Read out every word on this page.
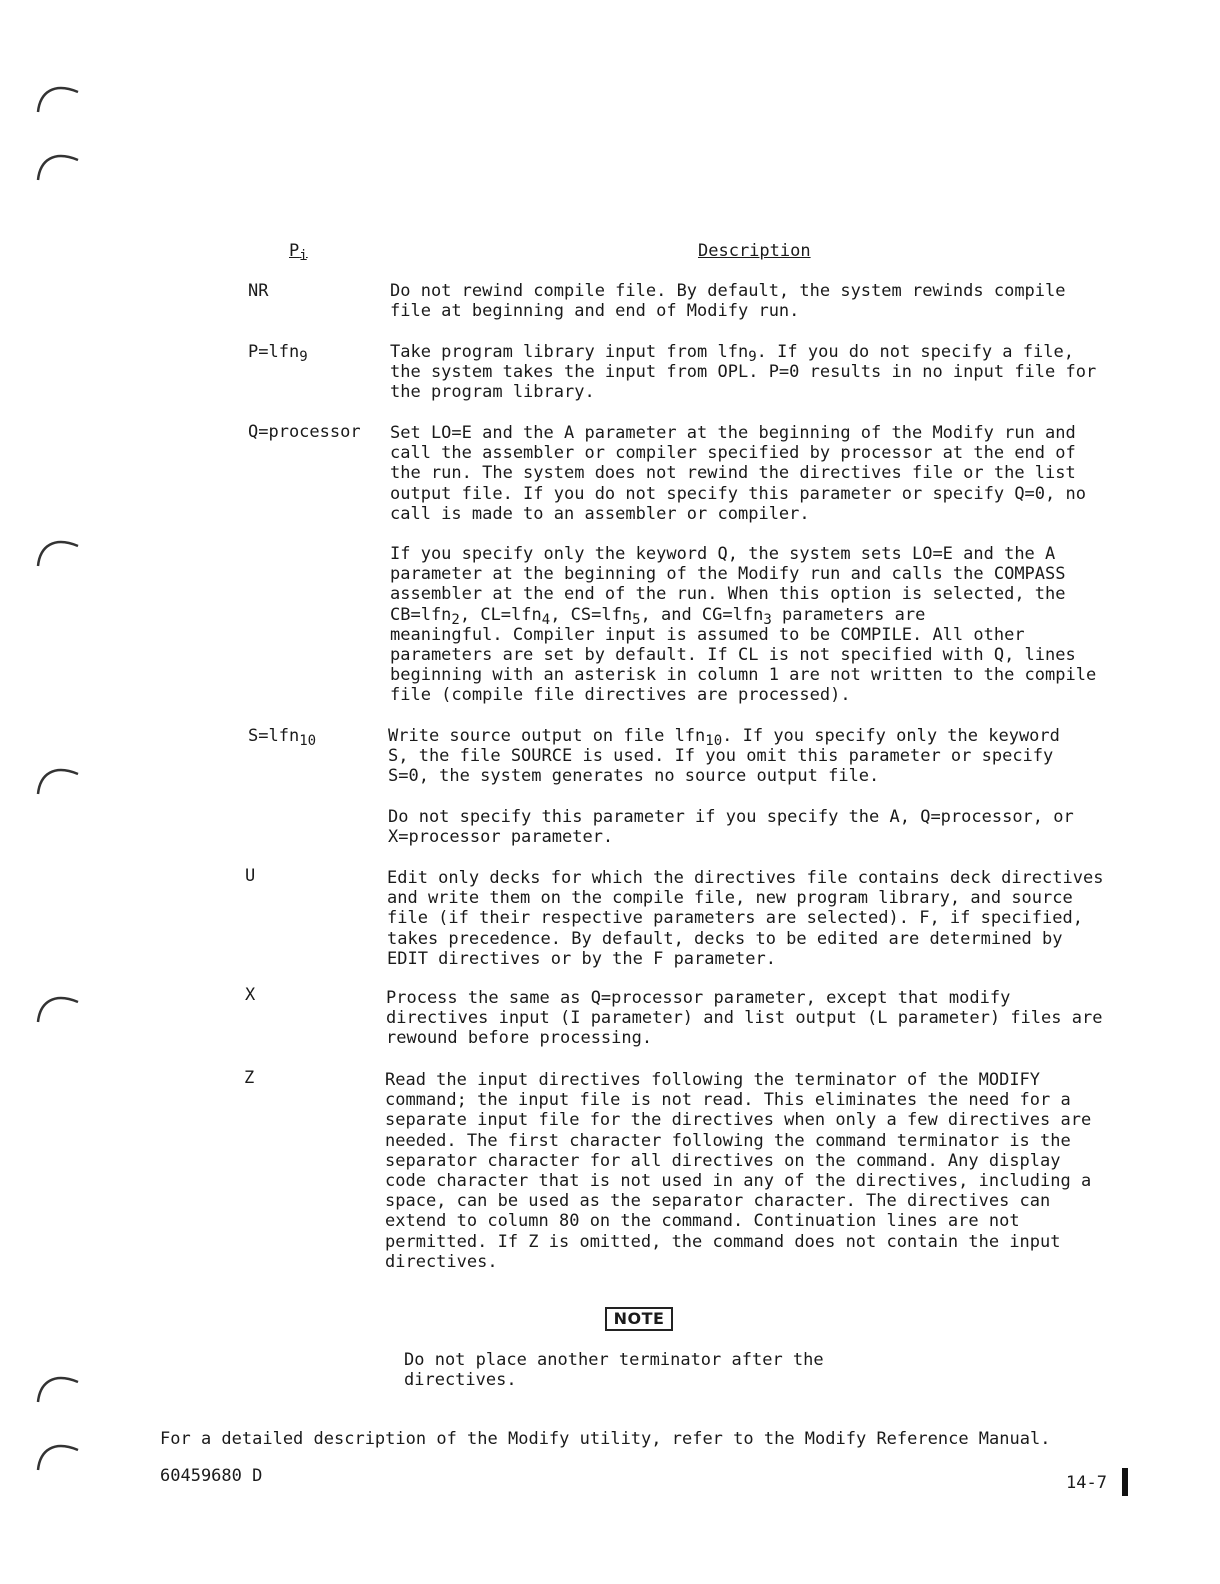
$P_i$	Description
NR	Do not rewind compile file. By default, the system rewinds compile
file at beginning and end of Modify run.
P=lfn$_9$	Take program library input from lfn$_9$. If you do not specify a file,
the system takes the input from OPL. P=0 results in no input file for
the program library.
Q=processor Set LO=E and the A parameter at the beginning of the Modify run and
call the assembler or compiler specified by processor at the end of
the run. The system does not rewind the directives file or the list
output file. If you do not specify this parameter or specify Q=0, no
call is made to an assembler or compiler.
If you specify only the keyword Q, the system sets LO=E and the A
parameter at the beginning of the Modify run and calls the COMPASS
assembler at the end of the run. When this option is selected, the
CB=lfn$_2$, CL=lfn$_4$, CS=lfn$_5$, and CG=lfn$_3$ parameters are
meaningful. Compiler input is assumed to be COMPILE. All other
parameters are set by default. If CL is not specified with Q, lines
beginning with an asterisk in column 1 are not written to the compile
file (compile file directives are processed).
S=lfn$_{10}$	Write source output on file lfn$_{10}$. If you specify only the keyword
S, the file SOURCE is used. If you omit this parameter or specify
S=0, the system generates no source output file.
Do not specify this parameter if you specify the A, Q=processor, or
X=processor parameter.
U	Edit only decks for which the directives file contains deck directives
and write them on the compile file, new program library, and source
file (if their respective parameters are selected). F, if specified,
takes precedence. By default, decks to be edited are determined by
EDIT directives or by the F parameter.
X	Process the same as Q=processor parameter, except that modify
directives input (I parameter) and list output (L parameter) files are
rewound before processing.
Z	Read the input directives following the terminator of the MODIFY
command; the input file is not read. This eliminates the need for a
separate input file for the directives when only a few directives are
needed. The first character following the command terminator is the
separator character for all directives on the command. Any display
code character that is not used in any of the directives, including a
space, can be used as the separator character. The directives can
extend to column 80 on the command. Continuation lines are not
permitted. If Z is omitted, the command does not contain the input
directives.
NOTE
Do not place another terminator after the
directives.
For a detailed description of the Modify utility, refer to the Modify Reference Manual.
60459680 D	14-7
